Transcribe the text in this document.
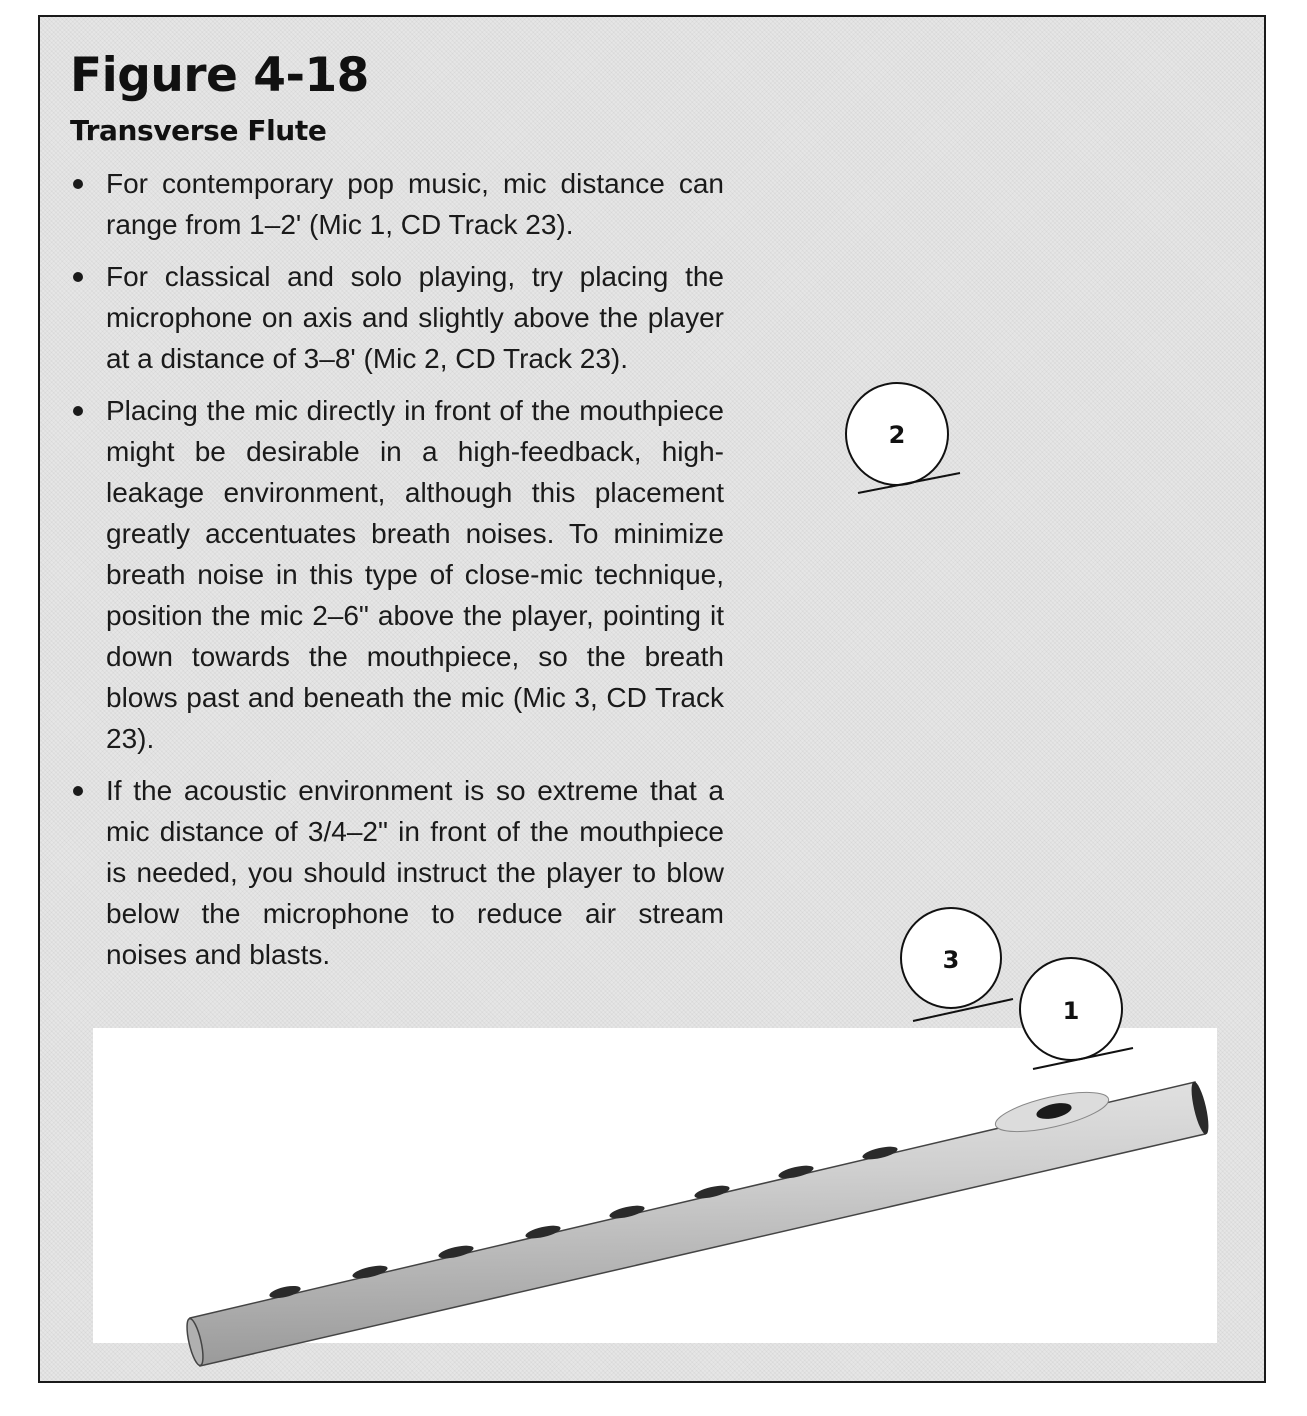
Figure 4-18
Transverse Flute
For contemporary pop music, mic distance can range from 1–2' (Mic 1, CD Track 23).
For classical and solo playing, try placing the microphone on axis and slightly above the player at a distance of 3–8' (Mic 2, CD Track 23).
Placing the mic directly in front of the mouthpiece might be desirable in a high-feedback, high-leakage environment, although this placement greatly accentuates breath noises. To minimize breath noise in this type of close-mic technique, position the mic 2–6" above the player, pointing it down towards the mouthpiece, so the breath blows past and beneath the mic (Mic 3, CD Track 23).
If the acoustic environment is so extreme that a mic distance of 3/4–2" in front of the mouthpiece is needed, you should instruct the player to blow below the microphone to reduce air stream noises and blasts.
2
3
1
